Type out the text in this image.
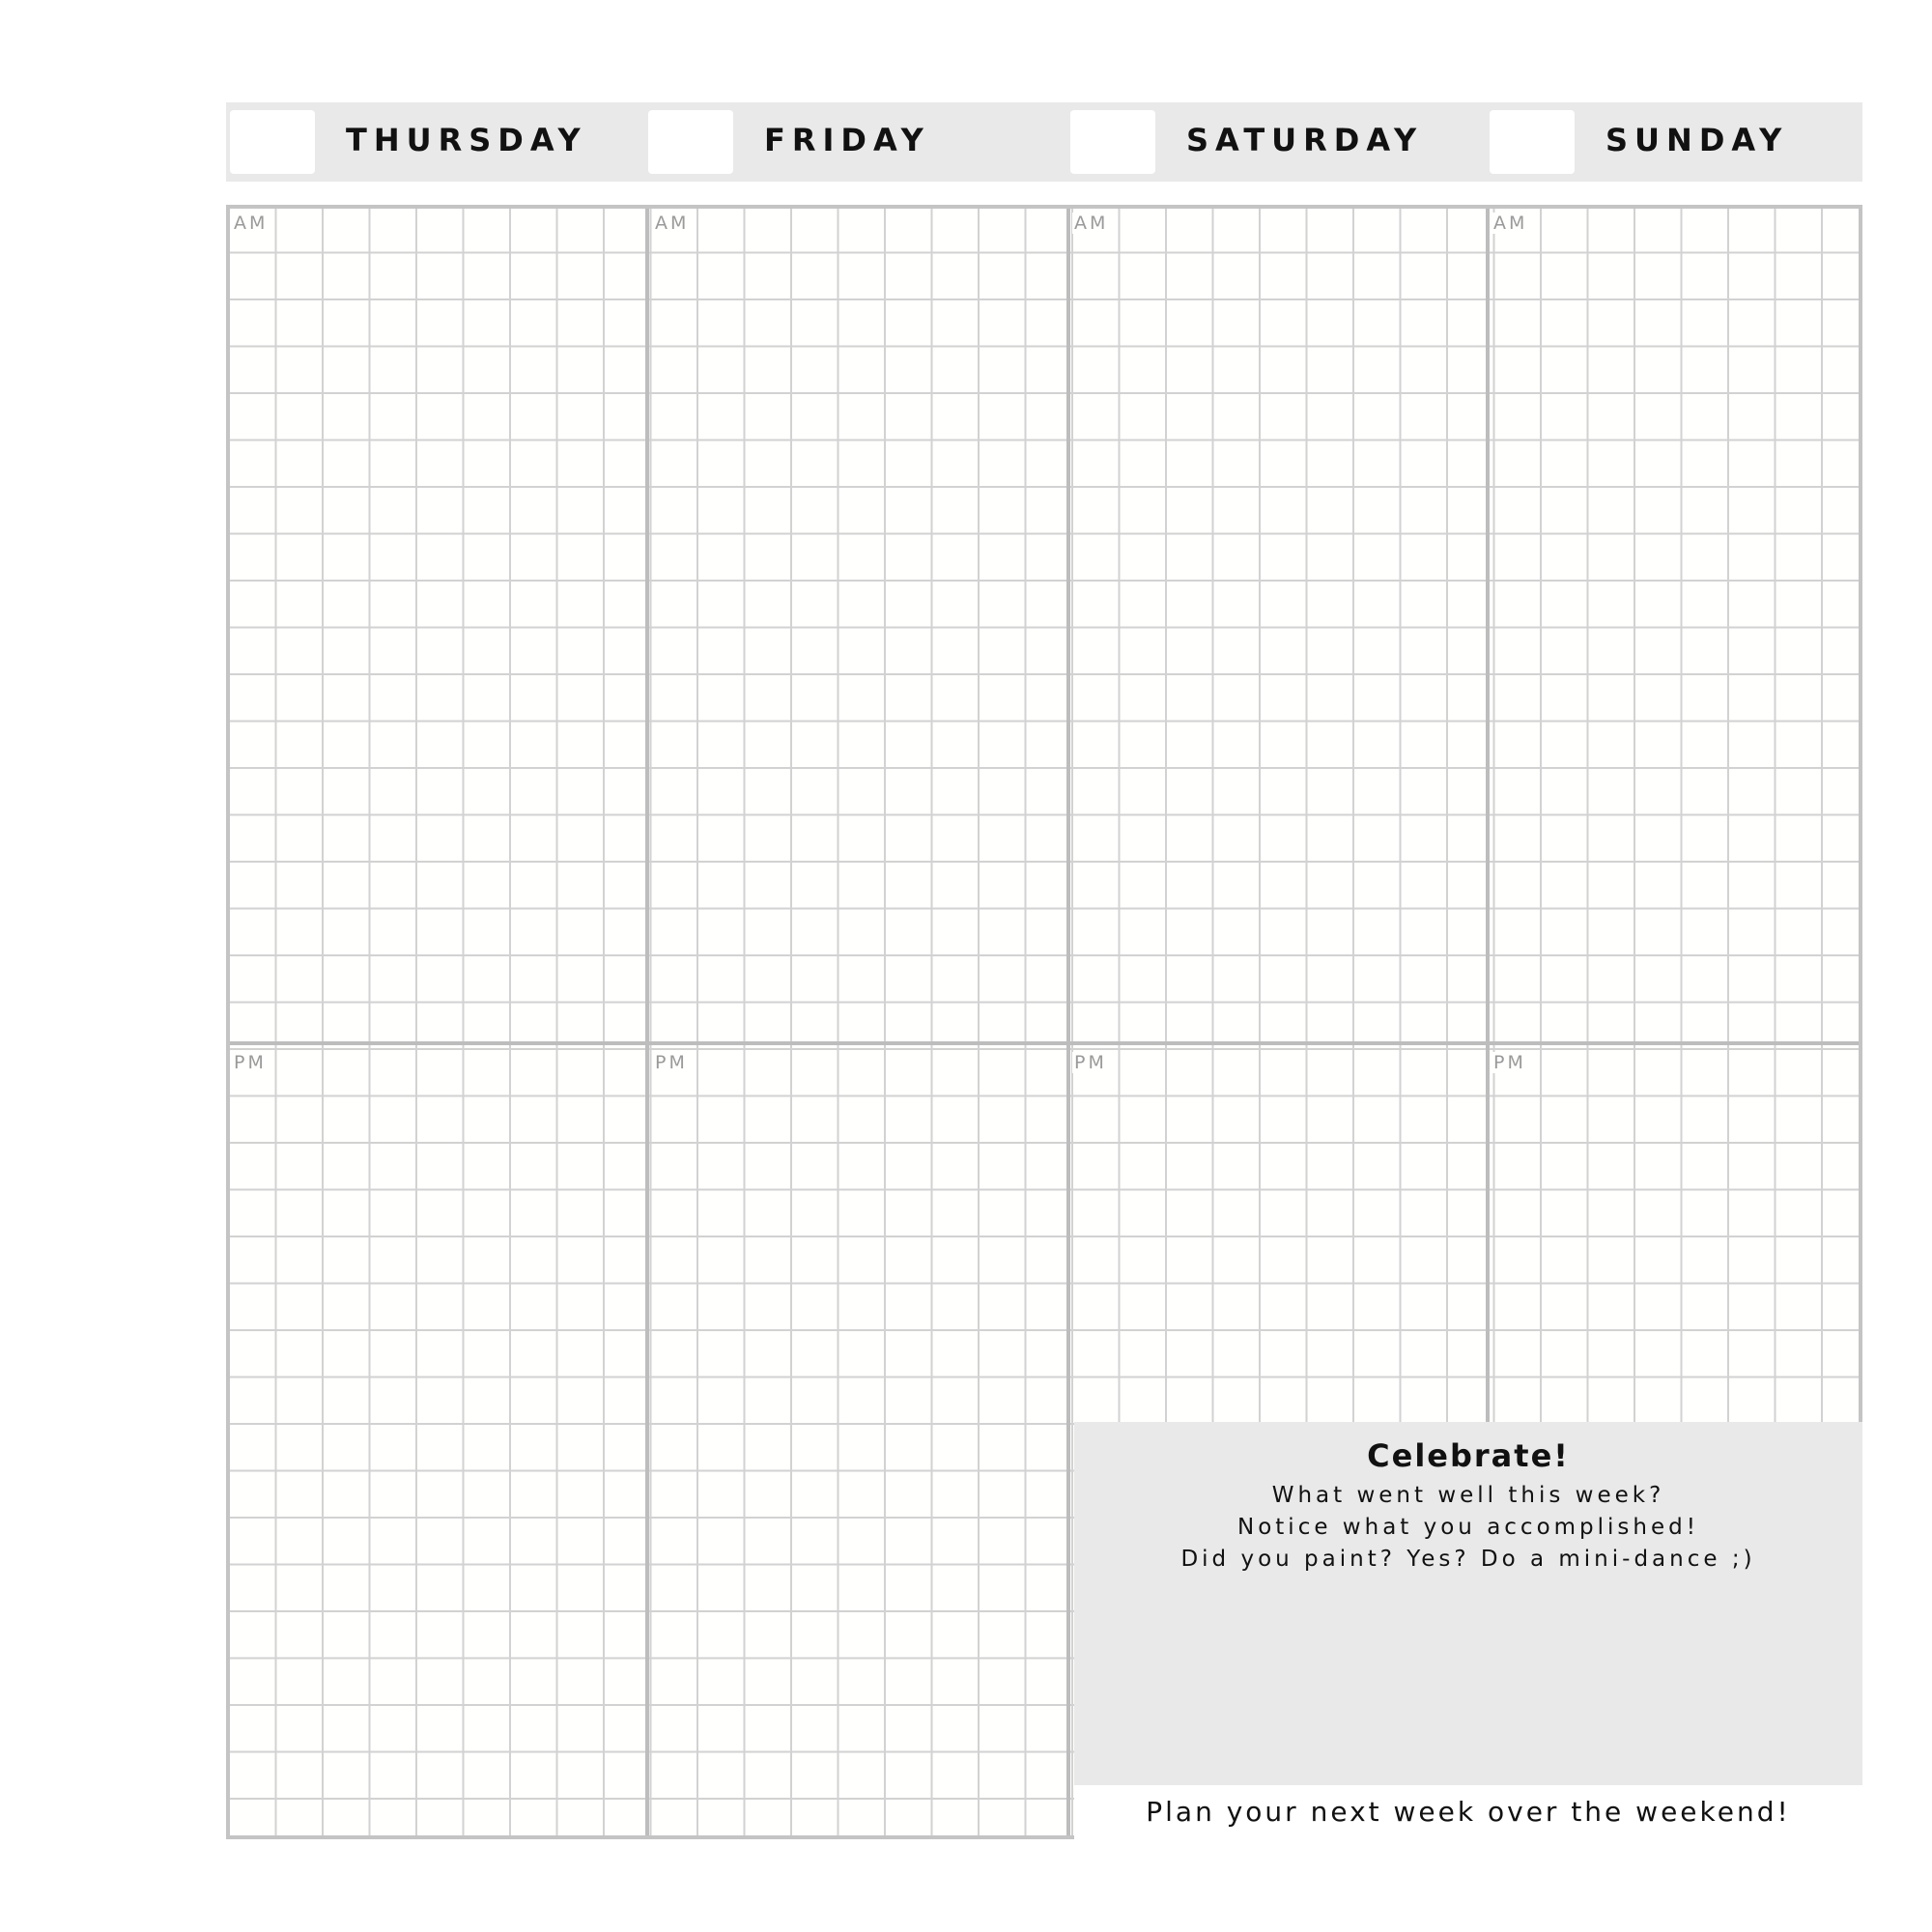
THURSDAY	FRIDAY	SATURDAY	SUNDAY
AM	AM	AM	AM
PM	PM	PM	PM
Celebrate!
What went well this week?
Notice what you accomplished!
Did you paint? Yes? Do a mini-dance ;)
Plan your next week over the weekend!
